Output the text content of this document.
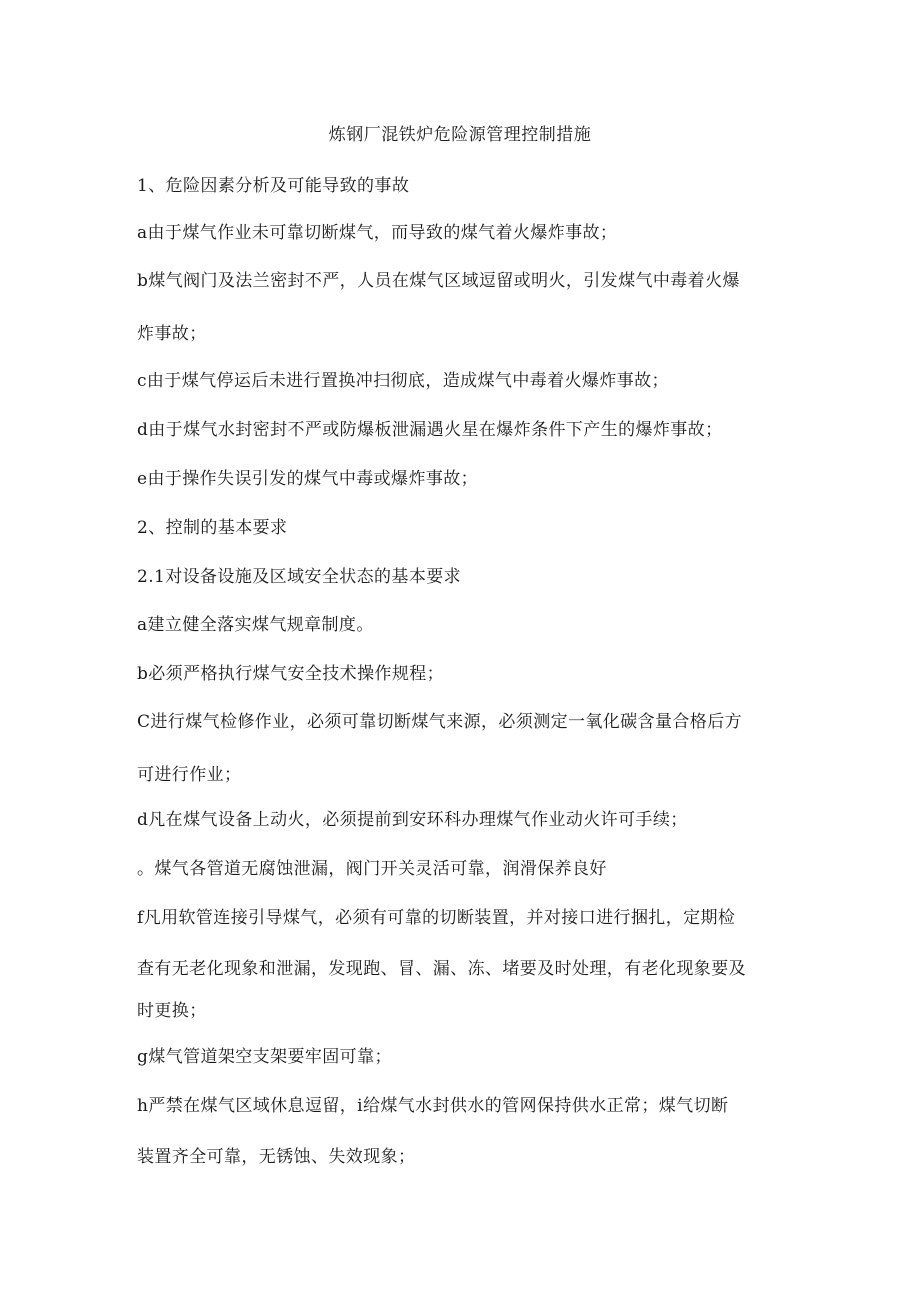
炼钢厂混铁炉危险源管理控制措施
1、危险因素分析及可能导致的事故
a由于煤气作业未可靠切断煤气，而导致的煤气着火爆炸事故；
b煤气阀门及法兰密封不严，人员在煤气区域逗留或明火，引发煤气中毒着火爆
炸事故；
c由于煤气停运后未进行置换冲扫彻底，造成煤气中毒着火爆炸事故；
d由于煤气水封密封不严或防爆板泄漏遇火星在爆炸条件下产生的爆炸事故；
e由于操作失误引发的煤气中毒或爆炸事故；
2、控制的基本要求
2.1对设备设施及区域安全状态的基本要求
a建立健全落实煤气规章制度。
b必须严格执行煤气安全技术操作规程；
C进行煤气检修作业，必须可靠切断煤气来源，必须测定一氧化碳含量合格后方
可进行作业；
d凡在煤气设备上动火，必须提前到安环科办理煤气作业动火许可手续；
。煤气各管道无腐蚀泄漏，阀门开关灵活可靠，润滑保养良好
f凡用软管连接引导煤气，必须有可靠的切断装置，并对接口进行捆扎，定期检
查有无老化现象和泄漏，发现跑、冒、漏、冻、堵要及时处理，有老化现象要及
时更换；
g煤气管道架空支架要牢固可靠；
h严禁在煤气区域休息逗留，i给煤气水封供水的管网保持供水正常；煤气切断
装置齐全可靠，无锈蚀、失效现象；
